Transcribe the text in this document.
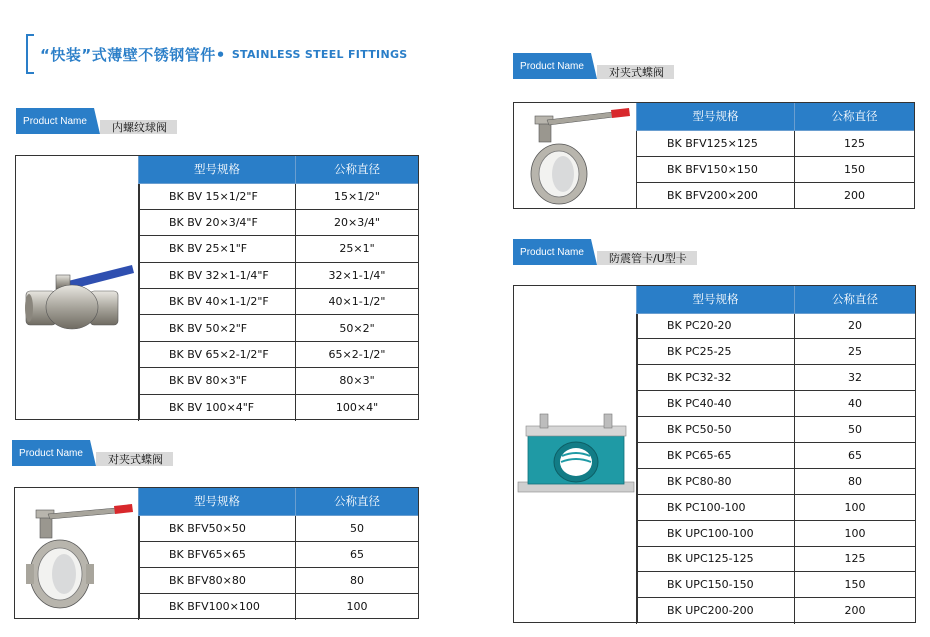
“快装”式薄壁不锈钢管件• STAINLESS STEEL FITTINGS
Product Name	内螺纹球阀
型号规格	公称直径
BK BV 15×1/2"F	15×1/2"
BK BV 20×3/4"F	20×3/4"
BK BV 25×1"F	25×1"
BK BV 32×1-1/4"F	32×1-1/4"
BK BV 40×1-1/2"F	40×1-1/2"
BK BV 50×2"F	50×2"
BK BV 65×2-1/2"F	65×2-1/2"
BK BV 80×3"F	80×3"
BK BV 100×4"F	100×4"
Product Name	对夹式蝶阀
型号规格	公称直径
BK BFV50×50	50
BK BFV65×65	65
BK BFV80×80	80
BK BFV100×100	100
Product Name	对夹式蝶阀
型号规格	公称直径
BK BFV125×125	125
BK BFV150×150	150
BK BFV200×200	200
Product Name	防震管卡/U型卡
型号规格	公称直径
BK PC20-20	20
BK PC25-25	25
BK PC32-32	32
BK PC40-40	40
BK PC50-50	50
BK PC65-65	65
BK PC80-80	80
BK PC100-100	100
BK UPC100-100	100
BK UPC125-125	125
BK UPC150-150	150
BK UPC200-200	200
